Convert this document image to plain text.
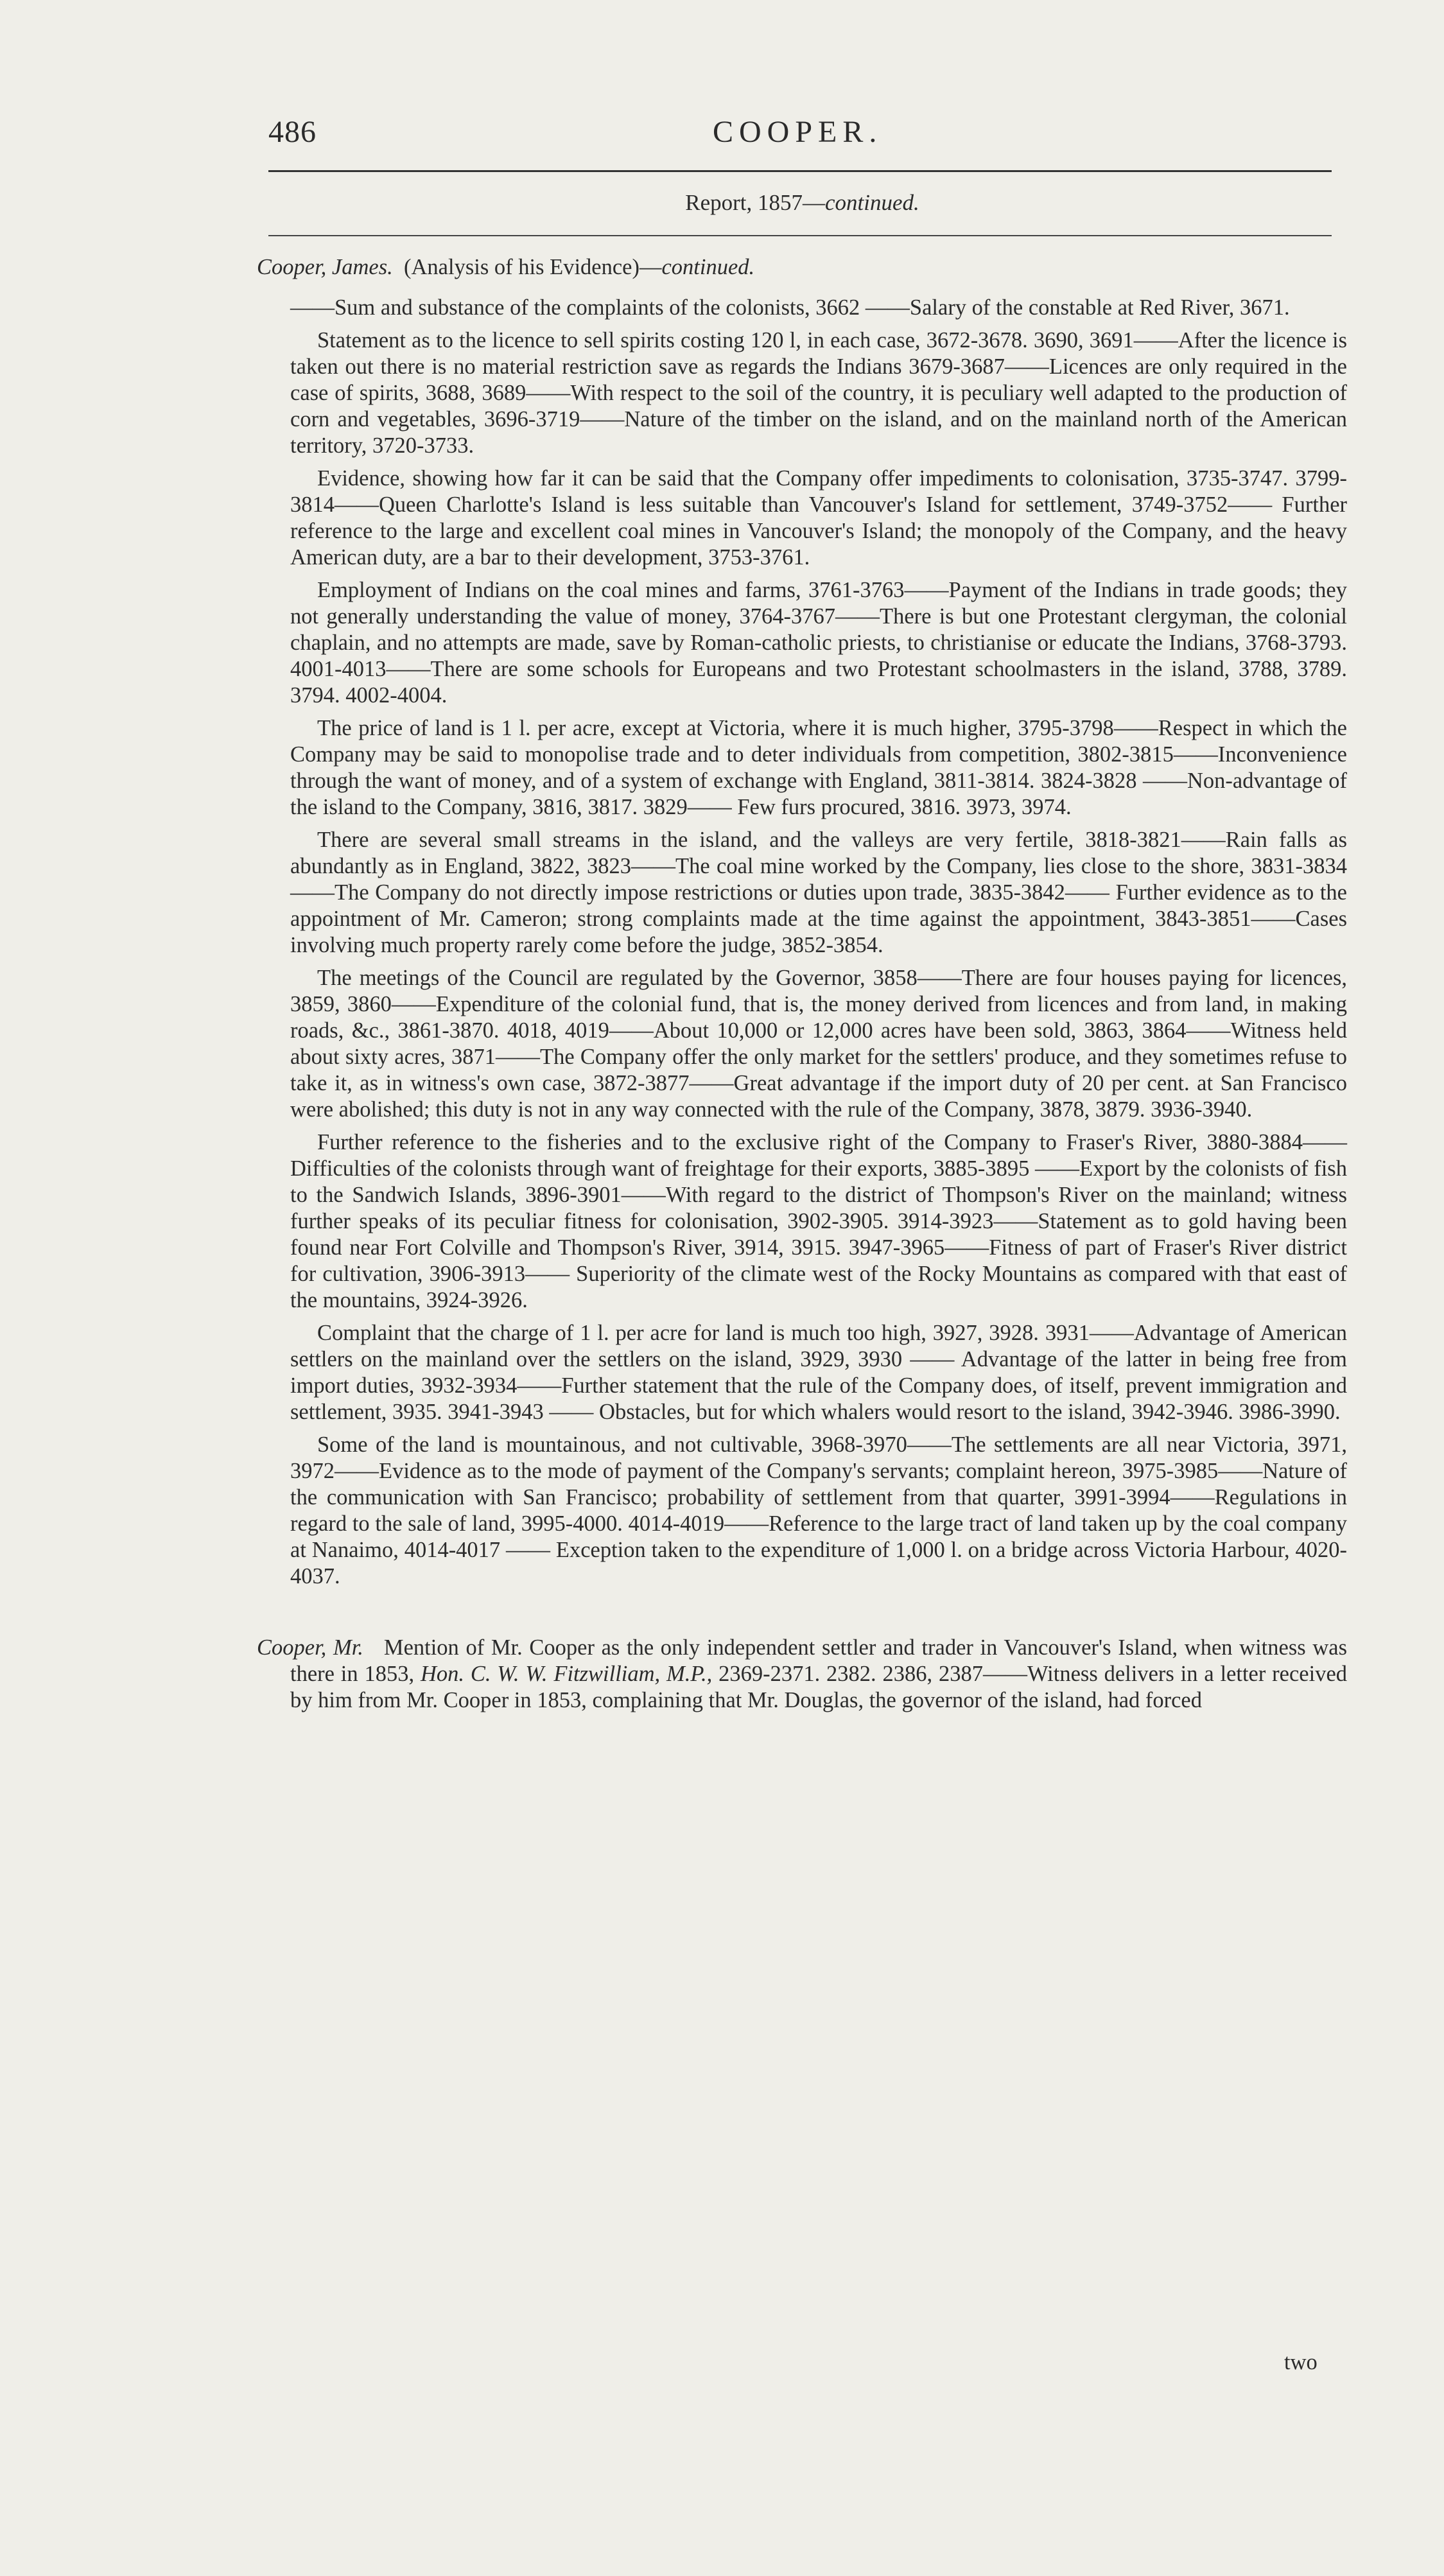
486	COOPER.
Report, 1857—continued.

Cooper, James. (Analysis of his Evidence)—continued.

——Sum and substance of the complaints of the colonists, 3662 ——Salary of the constable at Red River, 3671.

Statement as to the licence to sell spirits costing 120 l, in each case, 3672-3678. 3690, 3691——After the licence is taken out there is no material restriction save as regards the Indians 3679-3687——Licences are only required in the case of spirits, 3688, 3689——With respect to the soil of the country, it is peculiary well adapted to the production of corn and vegetables, 3696-3719——Nature of the timber on the island, and on the mainland north of the American territory, 3720-3733.

Evidence, showing how far it can be said that the Company offer impediments to colonisation, 3735-3747. 3799-3814——Queen Charlotte's Island is less suitable than Vancouver's Island for settlement, 3749-3752—— Further reference to the large and excellent coal mines in Vancouver's Island; the monopoly of the Company, and the heavy American duty, are a bar to their development, 3753-3761.

Employment of Indians on the coal mines and farms, 3761-3763——Payment of the Indians in trade goods; they not generally understanding the value of money, 3764-3767——There is but one Protestant clergyman, the colonial chaplain, and no attempts are made, save by Roman-catholic priests, to christianise or educate the Indians, 3768-3793. 4001-4013——There are some schools for Europeans and two Protestant schoolmasters in the island, 3788, 3789. 3794. 4002-4004.

The price of land is 1 l. per acre, except at Victoria, where it is much higher, 3795-3798——Respect in which the Company may be said to monopolise trade and to deter individuals from competition, 3802-3815——Inconvenience through the want of money, and of a system of exchange with England, 3811-3814. 3824-3828 ——Non-advantage of the island to the Company, 3816, 3817. 3829—— Few furs procured, 3816. 3973, 3974.

There are several small streams in the island, and the valleys are very fertile, 3818-3821——Rain falls as abundantly as in England, 3822, 3823——The coal mine worked by the Company, lies close to the shore, 3831-3834 ——The Company do not directly impose restrictions or duties upon trade, 3835-3842—— Further evidence as to the appointment of Mr. Cameron; strong complaints made at the time against the appointment, 3843-3851——Cases involving much property rarely come before the judge, 3852-3854.

The meetings of the Council are regulated by the Governor, 3858——There are four houses paying for licences, 3859, 3860——Expenditure of the colonial fund, that is, the money derived from licences and from land, in making roads, &c., 3861-3870. 4018, 4019——About 10,000 or 12,000 acres have been sold, 3863, 3864——Witness held about sixty acres, 3871——The Company offer the only market for the settlers' produce, and they sometimes refuse to take it, as in witness's own case, 3872-3877——Great advantage if the import duty of 20 per cent. at San Francisco were abolished; this duty is not in any way connected with the rule of the Company, 3878, 3879. 3936-3940.

Further reference to the fisheries and to the exclusive right of the Company to Fraser's River, 3880-3884——Difficulties of the colonists through want of freightage for their exports, 3885-3895 ——Export by the colonists of fish to the Sandwich Islands, 3896-3901——With regard to the district of Thompson's River on the mainland; witness further speaks of its peculiar fitness for colonisation, 3902-3905. 3914-3923——Statement as to gold having been found near Fort Colville and Thompson's River, 3914, 3915. 3947-3965——Fitness of part of Fraser's River district for cultivation, 3906-3913—— Superiority of the climate west of the Rocky Mountains as compared with that east of the mountains, 3924-3926.

Complaint that the charge of 1 l. per acre for land is much too high, 3927, 3928. 3931——Advantage of American settlers on the mainland over the settlers on the island, 3929, 3930 —— Advantage of the latter in being free from import duties, 3932-3934——Further statement that the rule of the Company does, of itself, prevent immigration and settlement, 3935. 3941-3943 —— Obstacles, but for which whalers would resort to the island, 3942-3946. 3986-3990.

Some of the land is mountainous, and not cultivable, 3968-3970——The settlements are all near Victoria, 3971, 3972——Evidence as to the mode of payment of the Company's servants; complaint hereon, 3975-3985——Nature of the communication with San Francisco; probability of settlement from that quarter, 3991-3994——Regulations in regard to the sale of land, 3995-4000. 4014-4019——Reference to the large tract of land taken up by the coal company at Nanaimo, 4014-4017 —— Exception taken to the expenditure of 1,000 l. on a bridge across Victoria Harbour, 4020-4037.

Cooper, Mr. Mention of Mr. Cooper as the only independent settler and trader in Vancouver's Island, when witness was there in 1853, Hon. C. W. W. Fitzwilliam, M.P., 2369-2371. 2382. 2386, 2387——Witness delivers in a letter received by him from Mr. Cooper in 1853, complaining that Mr. Douglas, the governor of the island, had forced

two
